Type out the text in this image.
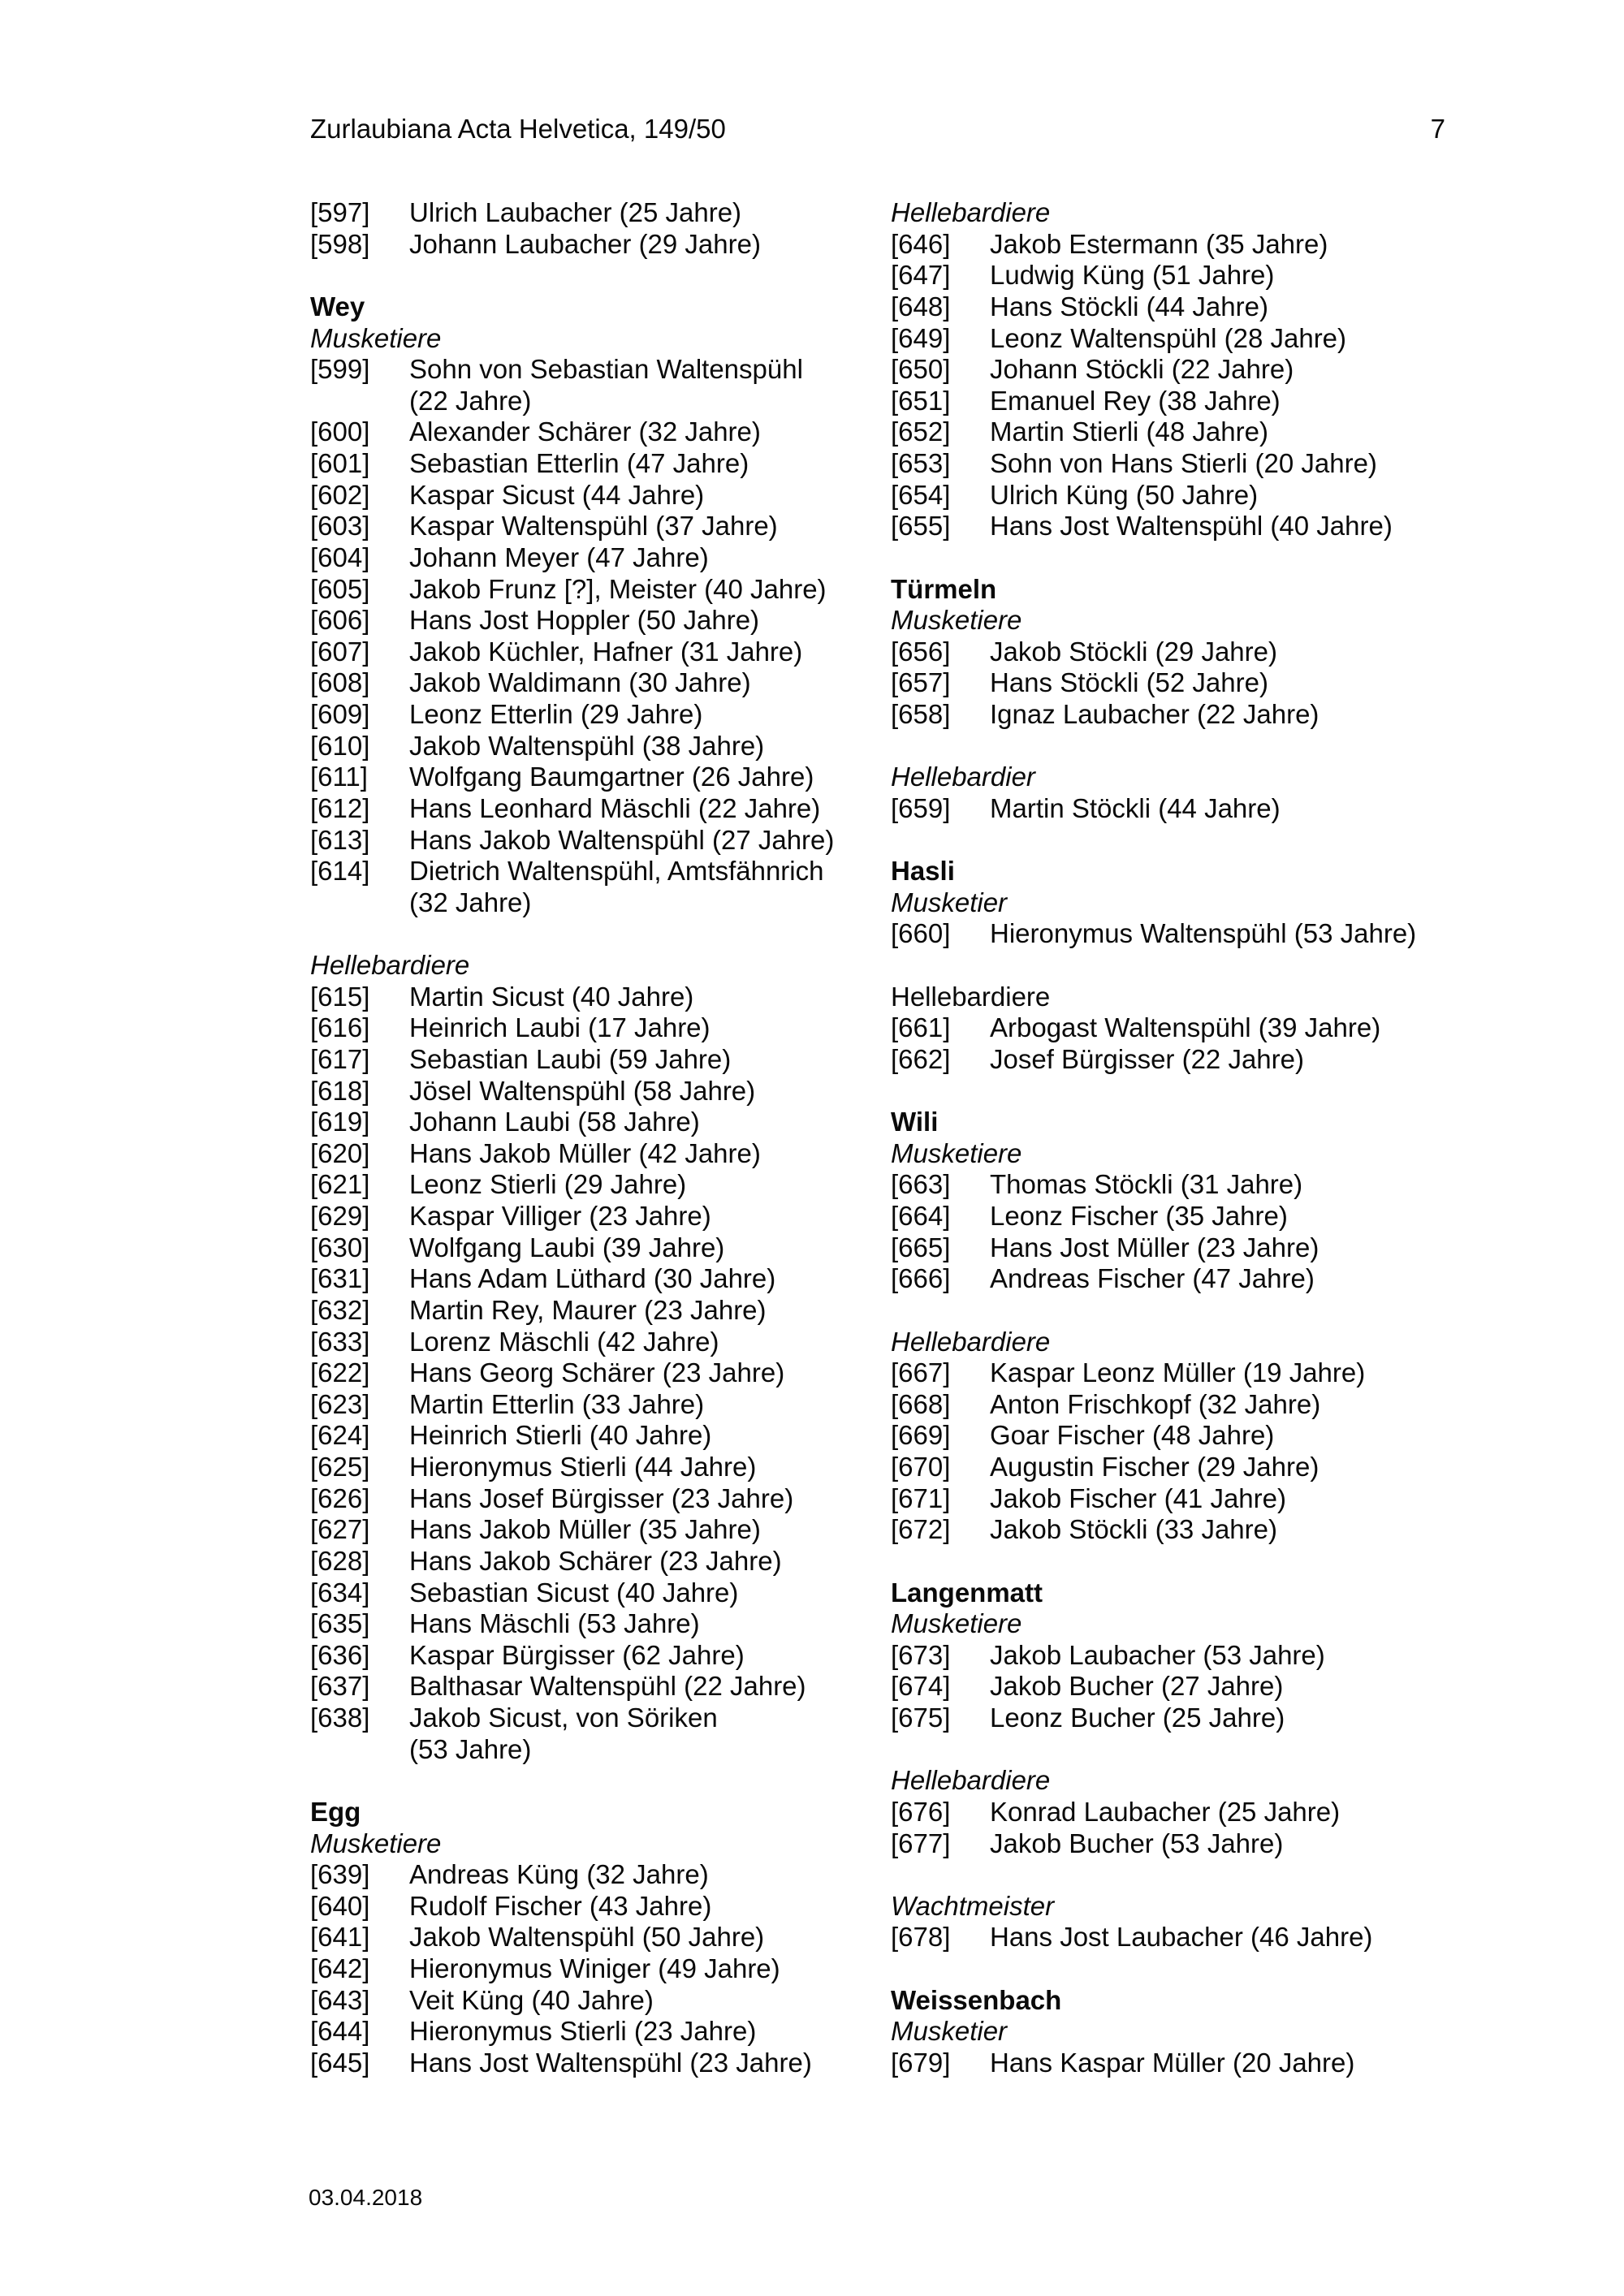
Zurlaubiana Acta Helvetica, 149/50	7
[597]	Ulrich Laubacher (25 Jahre)
[598]	Johann Laubacher (29 Jahre)
Wey
Musketiere
[599]	Sohn von Sebastian Waltenspühl
(22 Jahre)
[600]	Alexander Schärer (32 Jahre)
[601]	Sebastian Etterlin (47 Jahre)
[602]	Kaspar Sicust (44 Jahre)
[603]	Kaspar Waltenspühl (37 Jahre)
[604]	Johann Meyer (47 Jahre)
[605]	Jakob Frunz [?], Meister (40 Jahre)
[606]	Hans Jost Hoppler (50 Jahre)
[607]	Jakob Küchler, Hafner (31 Jahre)
[608]	Jakob Waldimann (30 Jahre)
[609]	Leonz Etterlin (29 Jahre)
[610]	Jakob Waltenspühl (38 Jahre)
[611]	Wolfgang Baumgartner (26 Jahre)
[612]	Hans Leonhard Mäschli (22 Jahre)
[613]	Hans Jakob Waltenspühl (27 Jahre)
[614]	Dietrich Waltenspühl, Amtsfähnrich
(32 Jahre)
Hellebardiere
[615]	Martin Sicust (40 Jahre)
[616]	Heinrich Laubi (17 Jahre)
[617]	Sebastian Laubi (59 Jahre)
[618]	Jösel Waltenspühl (58 Jahre)
[619]	Johann Laubi (58 Jahre)
[620]	Hans Jakob Müller (42 Jahre)
[621]	Leonz Stierli (29 Jahre)
[629]	Kaspar Villiger (23 Jahre)
[630]	Wolfgang Laubi (39 Jahre)
[631]	Hans Adam Lüthard (30 Jahre)
[632]	Martin Rey, Maurer (23 Jahre)
[633]	Lorenz Mäschli (42 Jahre)
[622]	Hans Georg Schärer (23 Jahre)
[623]	Martin Etterlin (33 Jahre)
[624]	Heinrich Stierli (40 Jahre)
[625]	Hieronymus Stierli (44 Jahre)
[626]	Hans Josef Bürgisser (23 Jahre)
[627]	Hans Jakob Müller (35 Jahre)
[628]	Hans Jakob Schärer (23 Jahre)
[634]	Sebastian Sicust (40 Jahre)
[635]	Hans Mäschli (53 Jahre)
[636]	Kaspar Bürgisser (62 Jahre)
[637]	Balthasar Waltenspühl (22 Jahre)
[638]	Jakob Sicust, von Söriken
(53 Jahre)
Egg
Musketiere
[639]	Andreas Küng (32 Jahre)
[640]	Rudolf Fischer (43 Jahre)
[641]	Jakob Waltenspühl (50 Jahre)
[642]	Hieronymus Winiger (49 Jahre)
[643]	Veit Küng (40 Jahre)
[644]	Hieronymus Stierli (23 Jahre)
[645]	Hans Jost Waltenspühl (23 Jahre)
Hellebardiere
[646]	Jakob Estermann (35 Jahre)
[647]	Ludwig Küng (51 Jahre)
[648]	Hans Stöckli (44 Jahre)
[649]	Leonz Waltenspühl (28 Jahre)
[650]	Johann Stöckli (22 Jahre)
[651]	Emanuel Rey (38 Jahre)
[652]	Martin Stierli (48 Jahre)
[653]	Sohn von Hans Stierli (20 Jahre)
[654]	Ulrich Küng (50 Jahre)
[655]	Hans Jost Waltenspühl (40 Jahre)
Türmeln
Musketiere
[656]	Jakob Stöckli (29 Jahre)
[657]	Hans Stöckli (52 Jahre)
[658]	Ignaz Laubacher (22 Jahre)
Hellebardier
[659]	Martin Stöckli (44 Jahre)
Hasli
Musketier
[660]	Hieronymus Waltenspühl (53 Jahre)
Hellebardiere
[661]	Arbogast Waltenspühl (39 Jahre)
[662]	Josef Bürgisser (22 Jahre)
Wili
Musketiere
[663]	Thomas Stöckli (31 Jahre)
[664]	Leonz Fischer (35 Jahre)
[665]	Hans Jost Müller (23 Jahre)
[666]	Andreas Fischer (47 Jahre)
Hellebardiere
[667]	Kaspar Leonz Müller (19 Jahre)
[668]	Anton Frischkopf (32 Jahre)
[669]	Goar Fischer (48 Jahre)
[670]	Augustin Fischer (29 Jahre)
[671]	Jakob Fischer (41 Jahre)
[672]	Jakob Stöckli (33 Jahre)
Langenmatt
Musketiere
[673]	Jakob Laubacher (53 Jahre)
[674]	Jakob Bucher (27 Jahre)
[675]	Leonz Bucher (25 Jahre)
Hellebardiere
[676]	Konrad Laubacher (25 Jahre)
[677]	Jakob Bucher (53 Jahre)
Wachtmeister
[678]	Hans Jost Laubacher (46 Jahre)
Weissenbach
Musketier
[679]	Hans Kaspar Müller (20 Jahre)
03.04.2018
